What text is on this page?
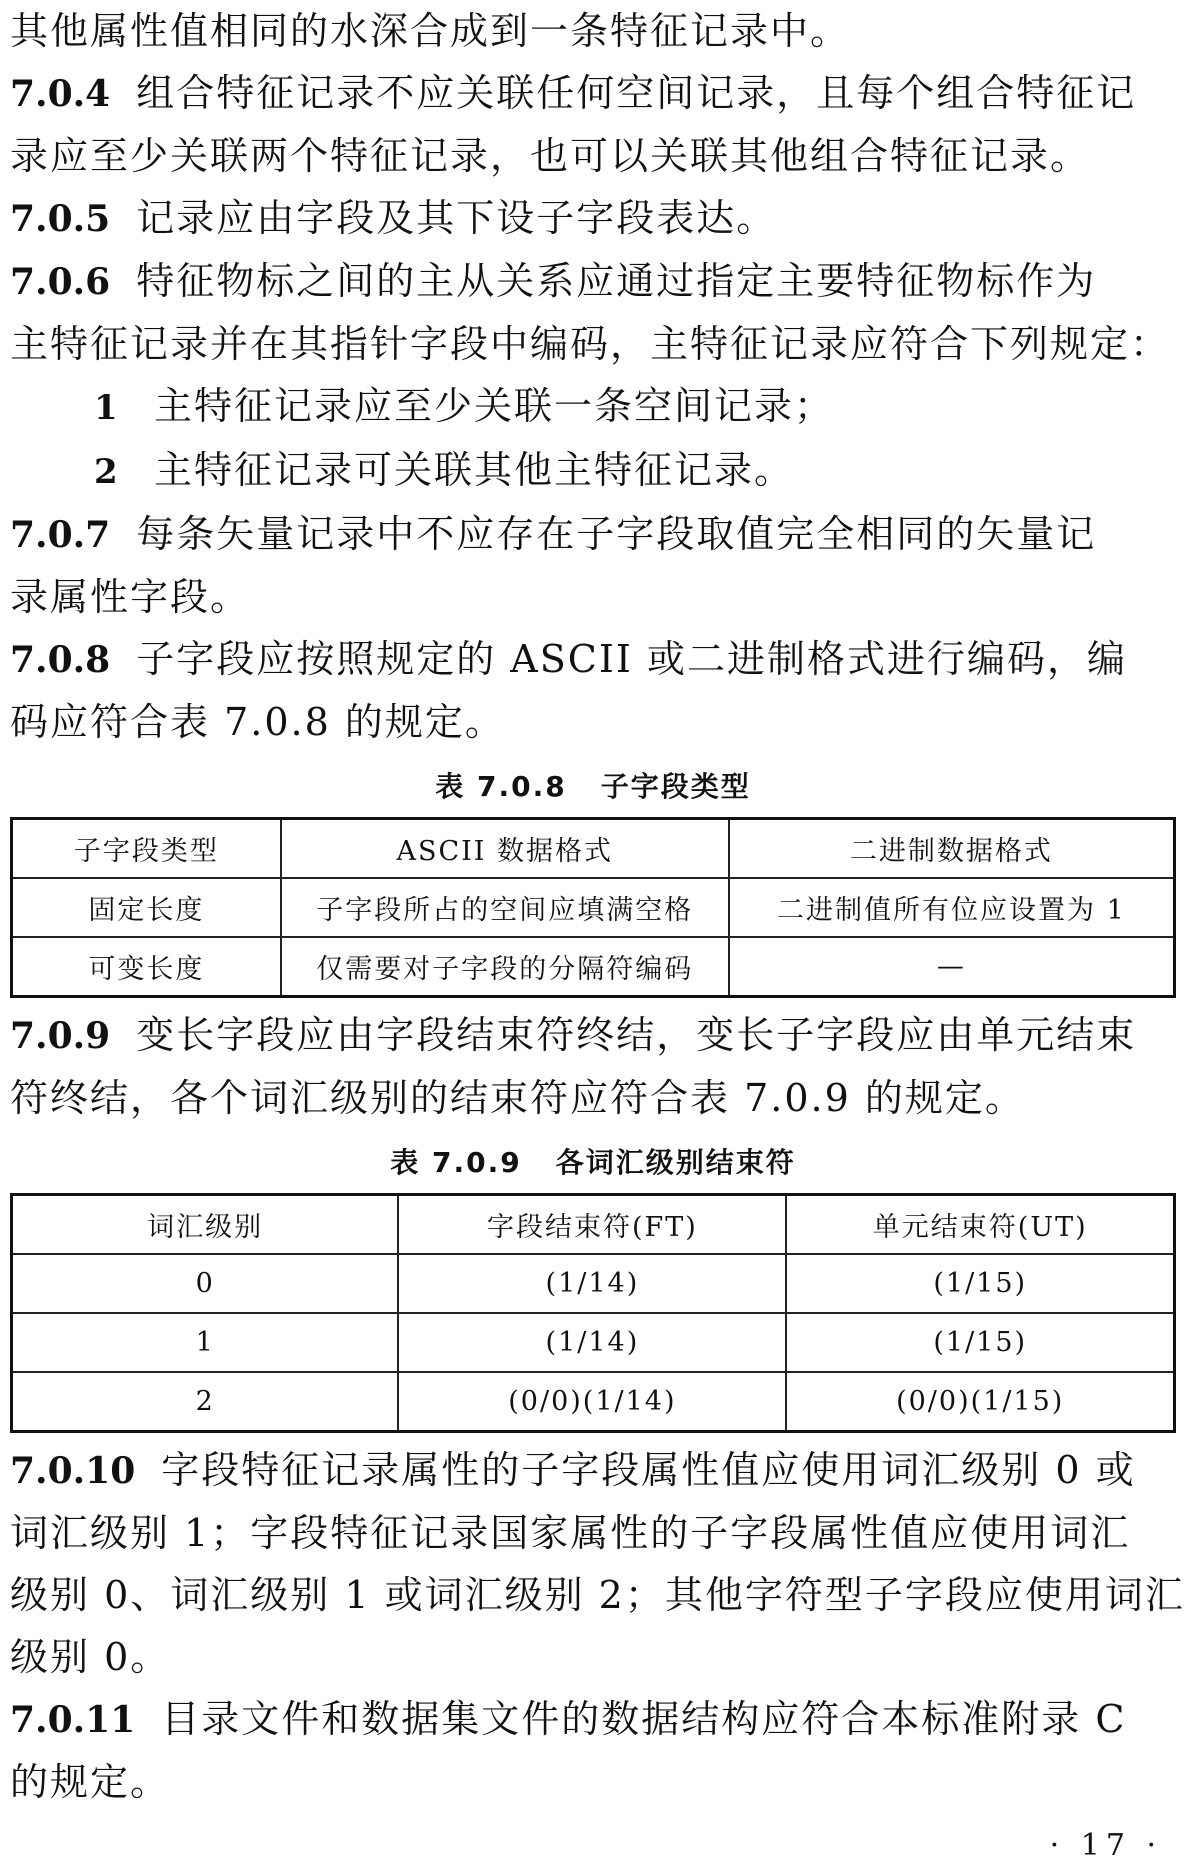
其他属性值相同的水深合成到一条特征记录中。
7.0.4 组合特征记录不应关联任何空间记录，且每个组合特征记
录应至少关联两个特征记录，也可以关联其他组合特征记录。
7.0.5 记录应由字段及其下设子字段表达。
7.0.6 特征物标之间的主从关系应通过指定主要特征物标作为
主特征记录并在其指针字段中编码，主特征记录应符合下列规定：
1 主特征记录应至少关联一条空间记录；
2 主特征记录可关联其他主特征记录。
7.0.7 每条矢量记录中不应存在子字段取值完全相同的矢量记
录属性字段。
7.0.8 子字段应按照规定的 ASCII 或二进制格式进行编码，编
码应符合表 7.0.8 的规定。
表 7.0.8 子字段类型
子字段类型	ASCII 数据格式	二进制数据格式
固定长度	子字段所占的空间应填满空格	二进制值所有位应设置为 1
可变长度	仅需要对子字段的分隔符编码	—
7.0.9 变长字段应由字段结束符终结，变长子字段应由单元结束
符终结，各个词汇级别的结束符应符合表 7.0.9 的规定。
表 7.0.9 各词汇级别结束符
词汇级别	字段结束符(FT)	单元结束符(UT)
0	(1/14)	(1/15)
1	(1/14)	(1/15)
2	(0/0)(1/14)	(0/0)(1/15)
7.0.10 字段特征记录属性的子字段属性值应使用词汇级别 0 或
词汇级别 1；字段特征记录国家属性的子字段属性值应使用词汇
级别 0、词汇级别 1 或词汇级别 2；其他字符型子字段应使用词汇
级别 0。
7.0.11 目录文件和数据集文件的数据结构应符合本标准附录 C
的规定。
· 17 ·
